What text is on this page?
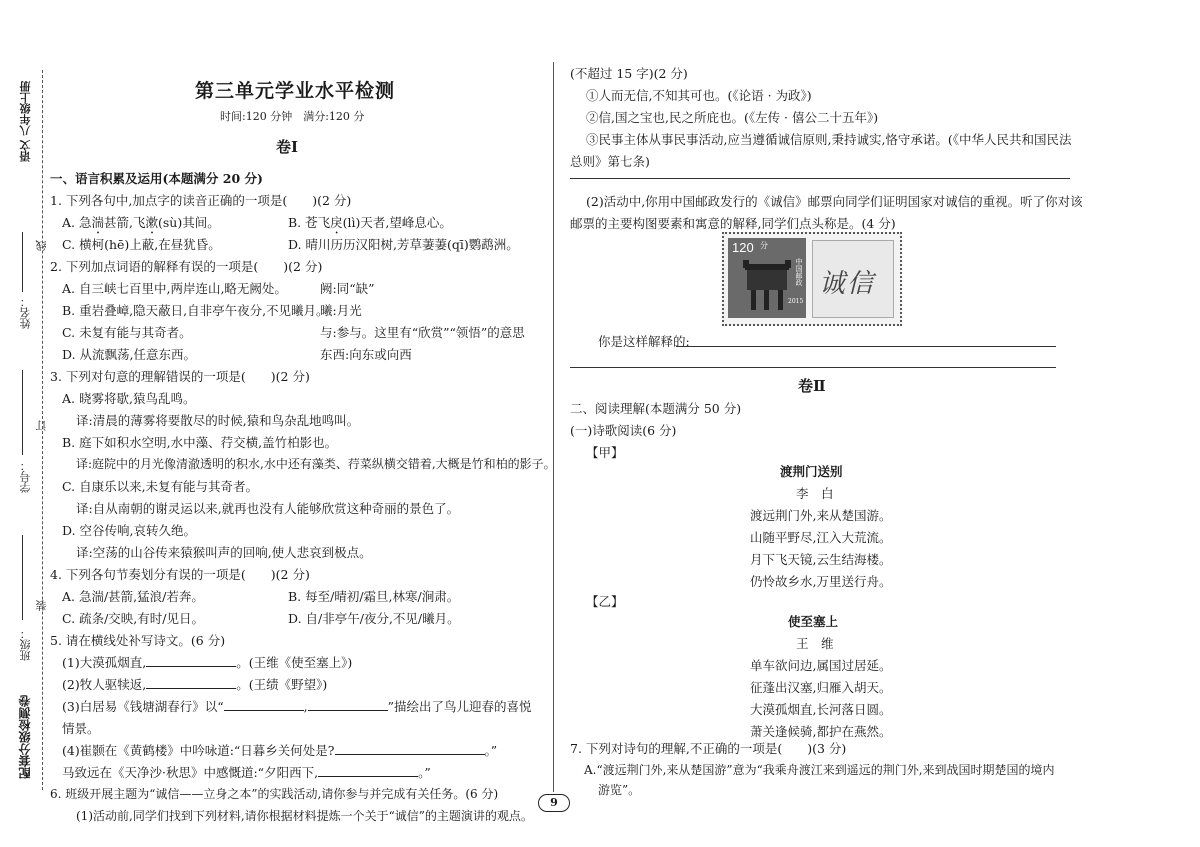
语文 八年级上册
线
姓名：
订
学号：
装
班级：
配套分级检测卷
第三单元学业水平检测
时间:120 分钟　满分:120 分
卷Ⅰ
一、语言积累及运用(本题满分 20 分)
1. 下列各句中,加点字的读音正确的一项是(　　)(2 分)
A. 急湍甚箭,飞漱(sù)其间。	B. 苍飞戾(lì)天者,望峰息心。
C. 横柯(hē)上蔽,在昼犹昏。	D. 晴川历历汉阳树,芳草萋萋(qī)鹦鹉洲。
2. 下列加点词语的解释有误的一项是(　　)(2 分)
A. 自三峡七百里中,两岸连山,略无阙处。	阙:同“缺”
B. 重岩叠嶂,隐天蔽日,自非亭午夜分,不见曦月。
曦:月光
C. 未复有能与其奇者。	与:参与。这里有“欣赏”“领悟”的意思
D. 从流飘荡,任意东西。	东西:向东或向西
3. 下列对句意的理解错误的一项是(　　)(2 分)
A. 晓雾将歇,猿鸟乱鸣。
译:清晨的薄雾将要散尽的时候,猿和鸟杂乱地鸣叫。
B. 庭下如积水空明,水中藻、荇交横,盖竹柏影也。
译:庭院中的月光像清澈透明的积水,水中还有藻类、荇菜纵横交错着,大概是竹和柏的影子。
C. 自康乐以来,未复有能与其奇者。
译:自从南朝的谢灵运以来,就再也没有人能够欣赏这种奇丽的景色了。
D. 空谷传响,哀转久绝。
译:空荡的山谷传来猿猴叫声的回响,使人悲哀到极点。
4. 下列各句节奏划分有误的一项是(　　)(2 分)
A. 急湍/甚箭,猛浪/若奔。	B. 每至/晴初/霜旦,林寒/涧肃。
C. 疏条/交映,有时/见日。	D. 自/非亭午/夜分,不见/曦月。
5. 请在横线处补写诗文。(6 分)
(1)大漠孤烟直,	。(王维《使至塞上》)
(2)牧人驱犊返,	。(王绩《野望》)
(3)白居易《钱塘湖春行》以“	,	”描绘出了鸟儿迎春的喜悦
情景。
(4)崔颢在《黄鹤楼》中吟咏道:“日暮乡关何处是?	。”
马致远在《天净沙·秋思》中感慨道:“夕阳西下,	。”
6. 班级开展主题为“诚信——立身之本”的实践活动,请你参与并完成有关任务。(6 分)
(1)活动前,同学们找到下列材料,请你根据材料提炼一个关于“诚信”的主题演讲的观点。
(不超过 15 字)(2 分)
①人而无信,不知其可也。(《论语 · 为政》)
②信,国之宝也,民之所庇也。(《左传 · 僖公二十五年》)
③民事主体从事民事活动,应当遵循诚信原则,秉持诚实,恪守承诺。(《中华人民共和国民法
总则》第七条)
(2)活动中,你用中国邮政发行的《诚信》邮票向同学们证明国家对诚信的重视。听了你对该
邮票的主要构图要素和寓意的解释,同学们点头称是。(4 分)
120 分
中国邮政
2015
诚信
你是这样解释的:
卷Ⅱ
二、阅读理解(本题满分 50 分)
(一)诗歌阅读(6 分)
【甲】
渡荆门送别
李　白
渡远荆门外,来从楚国游。
山随平野尽,江入大荒流。
月下飞天镜,云生结海楼。
仍怜故乡水,万里送行舟。
【乙】
使至塞上
王　维
单车欲问边,属国过居延。
征蓬出汉塞,归雁入胡天。
大漠孤烟直,长河落日圆。
萧关逢候骑,都护在燕然。
7. 下列对诗句的理解,不正确的一项是(　　)(3 分)
A.“渡远荆门外,来从楚国游”意为“我乘舟渡江来到遥远的荆门外,来到战国时期楚国的境内
游览”。
9
